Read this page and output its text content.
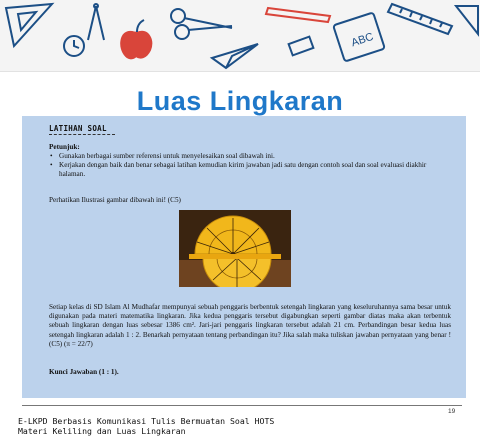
ABC
Luas Lingkaran
LATIHAN SOAL
Petunjuk:
• Gunakan berbagai sumber referensi untuk menyelesaikan soal dibawah ini.
• Kerjakan dengan baik dan benar sebagai latihan kemudian kirim jawaban jadi satu dengan contoh soal dan soal evaluasi diakhir halaman.
Perhatikan Ilustrasi gambar dibawah ini! (C5)
Setiap kelas di SD Islam Al Mudhafar mempunyai sebuah penggaris berbentuk setengah lingkaran yang keseluruhannya sama besar untuk digunakan pada materi matematika lingkaran. Jika kedua penggaris tersebut digabungkan seperti gambar diatas maka akan terbentuk sebuah lingkaran dengan luas sebesar 1386 cm². Jari-jari penggaris lingkaran tersebut adalah 21 cm. Perbandingan besar kedua luas setengah lingkaran adalah 1 : 2. Benarkah pernyataan tentang perbandingan itu? Jika salah maka tuliskan jawaban pernyataan yang benar ! (C5) (π = 22/7)
Kunci Jawaban (1 : 1).
19
E-LKPD Berbasis Komunikasi Tulis Bermuatan Soal HOTS
Materi Keliling dan Luas Lingkaran
